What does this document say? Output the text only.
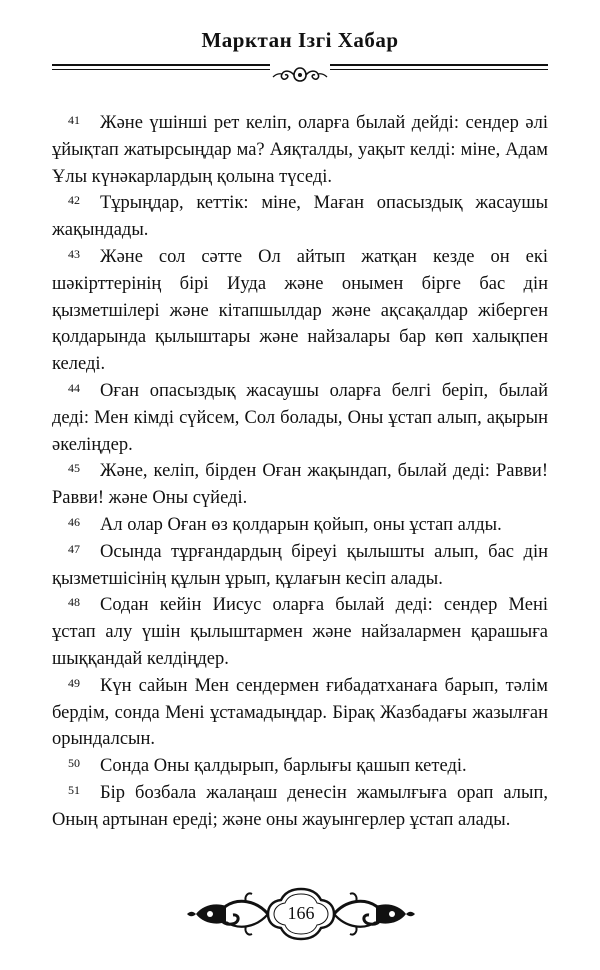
Марктан Ізгі Хабар

$^{41}$ Және үшінші рет келіп, оларға былай дейді: сендер әлі ұйықтап жатырсыңдар ма? Аяқталды, уақыт келді: міне, Адам Ұлы күнәкарлардың қолына түседі.

$^{42}$ Тұрыңдар, кеттік: міне, Маған опасыздық жасаушы жақындады.

$^{43}$ Және сол сәтте Ол айтып жатқан кезде он екі шәкірттерінің бірі Иуда және онымен бірге бас дін қызметшілері және кітапшылдар және ақсақалдар жіберген қолдарында қылыштары және найзалары бар көп халықпен келеді.

$^{44}$ Оған опасыздық жасаушы оларға белгі беріп, былай деді: Мен кімді сүйсем, Сол болады, Оны ұстап алып, ақырын әкеліңдер.

$^{45}$ Және, келіп, бірден Оған жақындап, былай деді: Равви! Равви! және Оны сүйеді.

$^{46}$ Ал олар Оған өз қолдарын қойып, оны ұстап алды.

$^{47}$ Осында тұрғандардың біреуі қылышты алып, бас дін қызметшісінің құлын ұрып, құлағын кесіп алады.

$^{48}$ Содан кейін Иисус оларға былай деді: сендер Мені ұстап алу үшін қылыштармен және найзалармен қарашыға шыққандай келдіңдер.

$^{49}$ Күн сайын Мен сендермен ғибадатханаға барып, тәлім бердім, сонда Мені ұстамадыңдар. Бірақ Жазбадағы жазылған орындалсын.

$^{50}$ Сонда Оны қалдырып, барлығы қашып кетеді.

$^{51}$ Бір бозбала жалаңаш денесін жамылғыға орап алып, Оның артынан ереді; және оны жауынгерлер ұстап алады.

166
